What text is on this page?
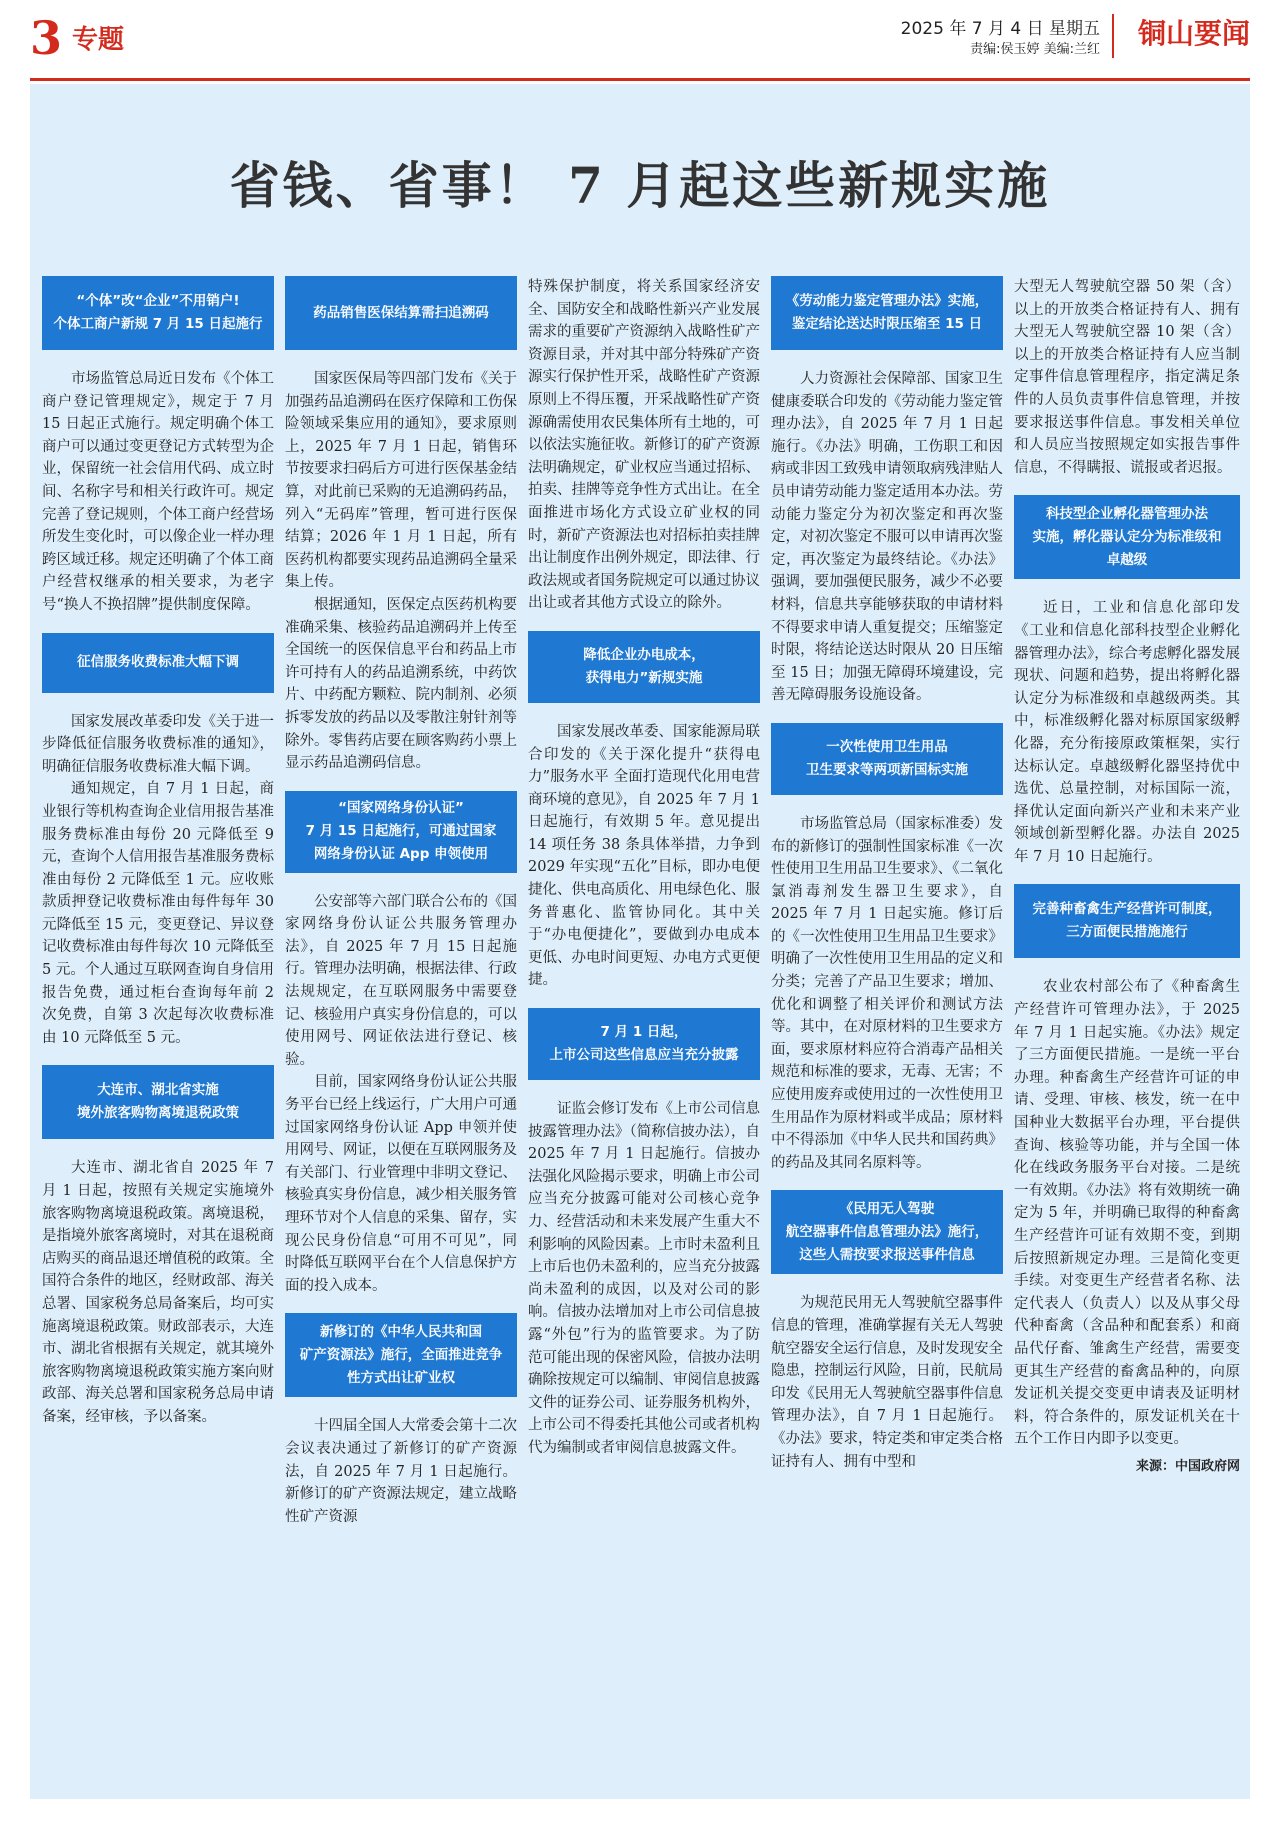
3 专题	2025 年 7 月 4 日 星期五
责编:侯玉婷 美编:兰红 铜山要闻
省钱、省事！ 7 月起这些新规实施
“个体”改“企业”不用销户!
个体工商户新规 7 月 15 日起施行

市场监管总局近日发布《个体工商户登记管理规定》，规定于 7 月 15 日起正式施行。规定明确个体工商户可以通过变更登记方式转型为企业，保留统一社会信用代码、成立时间、名称字号和相关行政许可。规定完善了登记规则，个体工商户经营场所发生变化时，可以像企业一样办理跨区域迁移。规定还明确了个体工商户经营权继承的相关要求，为老字号“换人不换招牌”提供制度保障。

征信服务收费标准大幅下调

国家发展改革委印发《关于进一步降低征信服务收费标准的通知》，明确征信服务收费标准大幅下调。

通知规定，自 7 月 1 日起，商业银行等机构查询企业信用报告基准服务费标准由每份 20 元降低至 9 元，查询个人信用报告基准服务费标准由每份 2 元降低至 1 元。应收账款质押登记收费标准由每件每年 30 元降低至 15 元，变更登记、异议登记收费标准由每件每次 10 元降低至 5 元。个人通过互联网查询自身信用报告免费，通过柜台查询每年前 2 次免费，自第 3 次起每次收费标准由 10 元降低至 5 元。

大连市、湖北省实施
境外旅客购物离境退税政策

大连市、湖北省自 2025 年 7 月 1 日起，按照有关规定实施境外旅客购物离境退税政策。离境退税，是指境外旅客离境时，对其在退税商店购买的商品退还增值税的政策。全国符合条件的地区，经财政部、海关总署、国家税务总局备案后，均可实施离境退税政策。财政部表示，大连市、湖北省根据有关规定，就其境外旅客购物离境退税政策实施方案向财政部、海关总署和国家税务总局申请备案，经审核，予以备案。

药品销售医保结算需扫追溯码

国家医保局等四部门发布《关于加强药品追溯码在医疗保障和工伤保险领域采集应用的通知》，要求原则上，2025 年 7 月 1 日起，销售环节按要求扫码后方可进行医保基金结算，对此前已采购的无追溯码药品，列入“无码库”管理，暂可进行医保结算；2026 年 1 月 1 日起，所有医药机构都要实现药品追溯码全量采集上传。

根据通知，医保定点医药机构要准确采集、核验药品追溯码并上传至全国统一的医保信息平台和药品上市许可持有人的药品追溯系统，中药饮片、中药配方颗粒、院内制剂、必须拆零发放的药品以及零散注射针剂等除外。零售药店要在顾客购药小票上显示药品追溯码信息。

“国家网络身份认证”
7 月 15 日起施行，可通过国家
网络身份认证 App 申领使用

公安部等六部门联合公布的《国家网络身份认证公共服务管理办法》，自 2025 年 7 月 15 日起施行。管理办法明确，根据法律、行政法规规定，在互联网服务中需要登记、核验用户真实身份信息的，可以使用网号、网证依法进行登记、核验。

目前，国家网络身份认证公共服务平台已经上线运行，广大用户可通过国家网络身份认证 App 申领并使用网号、网证，以便在互联网服务及有关部门、行业管理中非明文登记、核验真实身份信息，减少相关服务管理环节对个人信息的采集、留存，实现公民身份信息“可用不可见”，同时降低互联网平台在个人信息保护方面的投入成本。

新修订的《中华人民共和国
矿产资源法》施行，全面推进竞争
性方式出让矿业权

十四届全国人大常委会第十二次会议表决通过了新修订的矿产资源法，自 2025 年 7 月 1 日起施行。新修订的矿产资源法规定，建立战略性矿产资源

特殊保护制度，将关系国家经济安全、国防安全和战略性新兴产业发展需求的重要矿产资源纳入战略性矿产资源目录，并对其中部分特殊矿产资源实行保护性开采，战略性矿产资源原则上不得压覆，开采战略性矿产资源确需使用农民集体所有土地的，可以依法实施征收。新修订的矿产资源法明确规定，矿业权应当通过招标、拍卖、挂牌等竞争性方式出让。在全面推进市场化方式设立矿业权的同时，新矿产资源法也对招标拍卖挂牌出让制度作出例外规定，即法律、行政法规或者国务院规定可以通过协议出让或者其他方式设立的除外。

降低企业办电成本，
获得电力”新规实施

国家发展改革委、国家能源局联合印发的《关于深化提升“获得电力”服务水平 全面打造现代化用电营商环境的意见》，自 2025 年 7 月 1 日起施行，有效期 5 年。意见提出 14 项任务 38 条具体举措，力争到 2029 年实现“五化”目标，即办电便捷化、供电高质化、用电绿色化、服务普惠化、监管协同化。其中关于“办电便捷化”，要做到办电成本更低、办电时间更短、办电方式更便捷。

7 月 1 日起，
上市公司这些信息应当充分披露

证监会修订发布《上市公司信息披露管理办法》（简称信披办法），自 2025 年 7 月 1 日起施行。信披办法强化风险揭示要求，明确上市公司应当充分披露可能对公司核心竞争力、经营活动和未来发展产生重大不利影响的风险因素。上市时未盈利且上市后也仍未盈利的，应当充分披露尚未盈利的成因，以及对公司的影响。信披办法增加对上市公司信息披露“外包”行为的监管要求。为了防范可能出现的保密风险，信披办法明确除按规定可以编制、审阅信息披露文件的证券公司、证券服务机构外，上市公司不得委托其他公司或者机构代为编制或者审阅信息披露文件。

《劳动能力鉴定管理办法》实施，
鉴定结论送达时限压缩至 15 日

人力资源社会保障部、国家卫生健康委联合印发的《劳动能力鉴定管理办法》，自 2025 年 7 月 1 日起施行。《办法》明确，工伤职工和因病或非因工致残申请领取病残津贴人员申请劳动能力鉴定适用本办法。劳动能力鉴定分为初次鉴定和再次鉴定，对初次鉴定不服可以申请再次鉴定，再次鉴定为最终结论。《办法》强调，要加强便民服务，减少不必要材料，信息共享能够获取的申请材料不得要求申请人重复提交；压缩鉴定时限，将结论送达时限从 20 日压缩至 15 日；加强无障碍环境建设，完善无障碍服务设施设备。

一次性使用卫生用品
卫生要求等两项新国标实施

市场监管总局（国家标准委）发布的新修订的强制性国家标准《一次性使用卫生用品卫生要求》、《二氧化氯消毒剂发生器卫生要求》，自 2025 年 7 月 1 日起实施。修订后的《一次性使用卫生用品卫生要求》明确了一次性使用卫生用品的定义和分类；完善了产品卫生要求；增加、优化和调整了相关评价和测试方法等。其中，在对原材料的卫生要求方面，要求原材料应符合消毒产品相关规范和标准的要求，无毒、无害；不应使用废弃或使用过的一次性使用卫生用品作为原材料或半成品；原材料中不得添加《中华人民共和国药典》的药品及其同名原料等。

《民用无人驾驶
航空器事件信息管理办法》施行，
这些人需按要求报送事件信息

为规范民用无人驾驶航空器事件信息的管理，准确掌握有关无人驾驶航空器安全运行信息，及时发现安全隐患，控制运行风险，日前，民航局印发《民用无人驾驶航空器事件信息管理办法》，自 7 月 1 日起施行。《办法》要求，特定类和审定类合格证持有人、拥有中型和

大型无人驾驶航空器 50 架（含）以上的开放类合格证持有人、拥有大型无人驾驶航空器 10 架（含）以上的开放类合格证持有人应当制定事件信息管理程序，指定满足条件的人员负责事件信息管理，并按要求报送事件信息。事发相关单位和人员应当按照规定如实报告事件信息，不得瞒报、谎报或者迟报。

科技型企业孵化器管理办法
实施，孵化器认定分为标准级和
卓越级

近日，工业和信息化部印发《工业和信息化部科技型企业孵化器管理办法》，综合考虑孵化器发展现状、问题和趋势，提出将孵化器认定分为标准级和卓越级两类。其中，标准级孵化器对标原国家级孵化器，充分衔接原政策框架，实行达标认定。卓越级孵化器坚持优中选优、总量控制，对标国际一流，择优认定面向新兴产业和未来产业领域创新型孵化器。办法自 2025 年 7 月 10 日起施行。

完善种畜禽生产经营许可制度，
三方面便民措施施行

农业农村部公布了《种畜禽生产经营许可管理办法》，于 2025 年 7 月 1 日起实施。《办法》规定了三方面便民措施。一是统一平台办理。种畜禽生产经营许可证的申请、受理、审核、核发，统一在中国种业大数据平台办理，平台提供查询、核验等功能，并与全国一体化在线政务服务平台对接。二是统一有效期。《办法》将有效期统一确定为 5 年，并明确已取得的种畜禽生产经营许可证有效期不变，到期后按照新规定办理。三是简化变更手续。对变更生产经营者名称、法定代表人（负责人）以及从事父母代种畜禽（含品种和配套系）和商品代仔畜、雏禽生产经营，需要变更其生产经营的畜禽品种的，向原发证机关提交变更申请表及证明材料，符合条件的，原发证机关在十五个工作日内即予以变更。

来源：中国政府网
